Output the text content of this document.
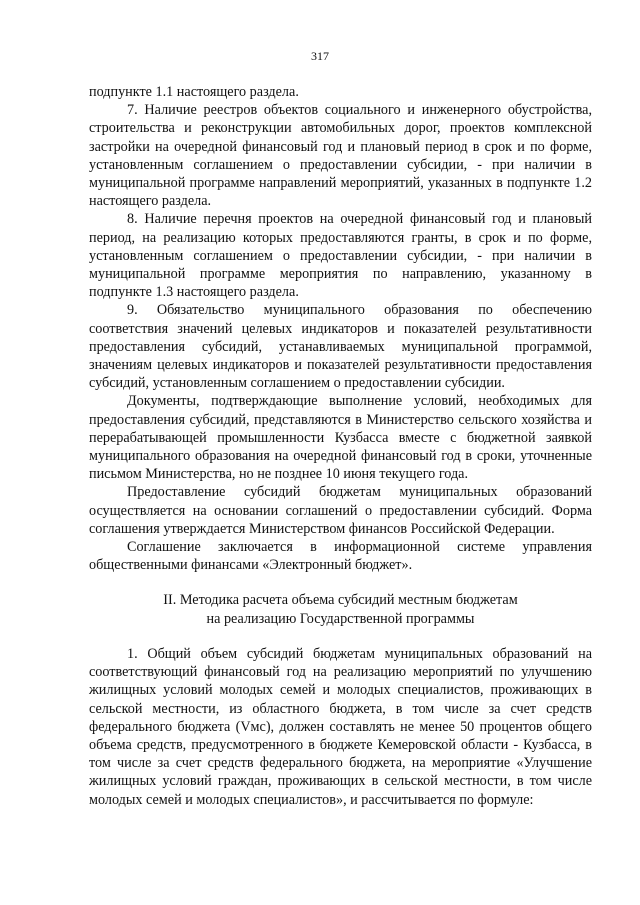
317

подпункте 1.1 настоящего раздела.

7. Наличие реестров объектов социального и инженерного обустройства, строительства и реконструкции автомобильных дорог, проектов комплексной застройки на очередной финансовый год и плановый период в срок и по форме, установленным соглашением о предоставлении субсидии, - при наличии в муниципальной программе направлений мероприятий, указанных в подпункте 1.2 настоящего раздела.

8. Наличие перечня проектов на очередной финансовый год и плановый период, на реализацию которых предоставляются гранты, в срок и по форме, установленным соглашением о предоставлении субсидии, - при наличии в муниципальной программе мероприятия по направлению, указанному в подпункте 1.3 настоящего раздела.

9. Обязательство муниципального образования по обеспечению соответствия значений целевых индикаторов и показателей результативности предоставления субсидий, устанавливаемых муниципальной программой, значениям целевых индикаторов и показателей результативности предоставления субсидий, установленным соглашением о предоставлении субсидии.

Документы, подтверждающие выполнение условий, необходимых для предоставления субсидий, представляются в Министерство сельского хозяйства и перерабатывающей промышленности Кузбасса вместе с бюджетной заявкой муниципального образования на очередной финансовый год в сроки, уточненные письмом Министерства, но не позднее 10 июня текущего года.

Предоставление субсидий бюджетам муниципальных образований осуществляется на основании соглашений о предоставлении субсидий. Форма соглашения утверждается Министерством финансов Российской Федерации.

Соглашение заключается в информационной системе управления общественными финансами «Электронный бюджет».

II. Методика расчета объема субсидий местным бюджетам
на реализацию Государственной программы

1. Общий объем субсидий бюджетам муниципальных образований на соответствующий финансовый год на реализацию мероприятий по улучшению жилищных условий молодых семей и молодых специалистов, проживающих в сельской местности, из областного бюджета, в том числе за счет средств федерального бюджета (Vмс), должен составлять не менее 50 процентов общего объема средств, предусмотренного в бюджете Кемеровской области - Кузбасса, в том числе за счет средств федерального бюджета, на мероприятие «Улучшение жилищных условий граждан, проживающих в сельской местности, в том числе молодых семей и молодых специалистов», и рассчитывается по формуле:
